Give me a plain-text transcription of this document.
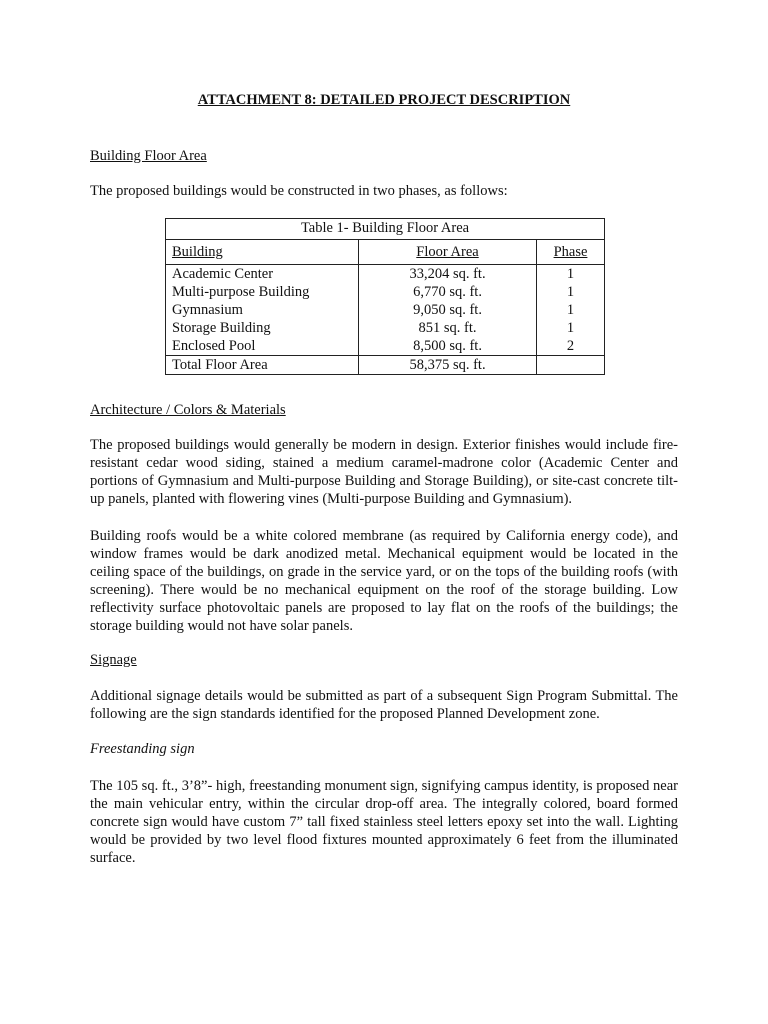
ATTACHMENT 8: DETAILED PROJECT DESCRIPTION
Building Floor Area

The proposed buildings would be constructed in two phases, as follows:

Table 1- Building Floor Area
Building	Floor Area	Phase
Academic Center	33,204 sq. ft.	1
Multi-purpose Building	6,770 sq. ft.	1
Gymnasium	9,050 sq. ft.	1
Storage Building	851 sq. ft.	1
Enclosed Pool	8,500 sq. ft.	2
Total Floor Area	58,375 sq. ft.	
Architecture / Colors & Materials

The proposed buildings would generally be modern in design. Exterior finishes would include fire-resistant cedar wood siding, stained a medium caramel-madrone color (Academic Center and portions of Gymnasium and Multi-purpose Building and Storage Building), or site-cast concrete tilt-up panels, planted with flowering vines (Multi-purpose Building and Gymnasium).

Building roofs would be a white colored membrane (as required by California energy code), and window frames would be dark anodized metal. Mechanical equipment would be located in the ceiling space of the buildings, on grade in the service yard, or on the tops of the building roofs (with screening). There would be no mechanical equipment on the roof of the storage building. Low reflectivity surface photovoltaic panels are proposed to lay flat on the roofs of the buildings; the storage building would not have solar panels.

Signage

Additional signage details would be submitted as part of a subsequent Sign Program Submittal. The following are the sign standards identified for the proposed Planned Development zone.

Freestanding sign

The 105 sq. ft., 3’8”- high, freestanding monument sign, signifying campus identity, is proposed near the main vehicular entry, within the circular drop-off area. The integrally colored, board formed concrete sign would have custom 7” tall fixed stainless steel letters epoxy set into the wall. Lighting would be provided by two level flood fixtures mounted approximately 6 feet from the illuminated surface.
